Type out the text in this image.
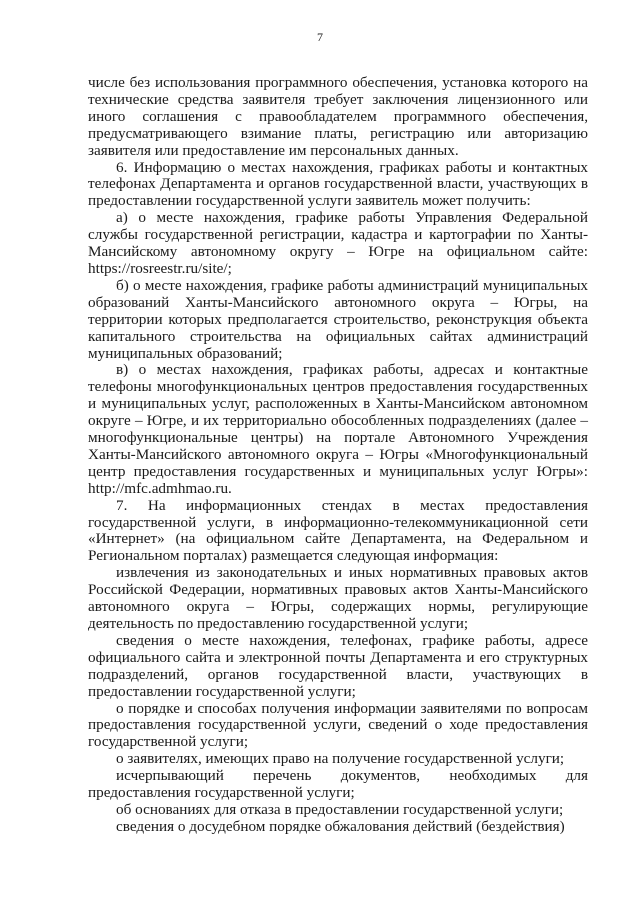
7

числе без использования программного обеспечения, установка которого на технические средства заявителя требует заключения лицензионного или иного соглашения с правообладателем программного обеспечения, предусматривающего взимание платы, регистрацию или авторизацию заявителя или предоставление им персональных данных.

6. Информацию о местах нахождения, графиках работы и контактных телефонах Департамента и органов государственной власти, участвующих в предоставлении государственной услуги заявитель может получить:

а) о месте нахождения, графике работы Управления Федеральной службы государственной регистрации, кадастра и картографии по Ханты-Мансийскому автономному округу – Югре на официальном сайте: https://rosreestr.ru/site/;

б) о месте нахождения, графике работы администраций муниципальных образований Ханты-Мансийского автономного округа – Югры, на территории которых предполагается строительство, реконструкция объекта капитального строительства на официальных сайтах администраций муниципальных образований;

в) о местах нахождения, графиках работы, адресах и контактные телефоны многофункциональных центров предоставления государственных и муниципальных услуг, расположенных в Ханты-Мансийском автономном округе – Югре, и их территориально обособленных подразделениях (далее – многофункциональные центры) на портале Автономного Учреждения Ханты-Мансийского автономного округа – Югры «Многофункциональный центр предоставления государственных и муниципальных услуг Югры»: http://mfc.admhmao.ru.

7. На информационных стендах в местах предоставления государственной услуги, в информационно-телекоммуникационной сети «Интернет» (на официальном сайте Департамента, на Федеральном и Региональном порталах) размещается следующая информация:

извлечения из законодательных и иных нормативных правовых актов Российской Федерации, нормативных правовых актов Ханты-Мансийского автономного округа – Югры, содержащих нормы, регулирующие деятельность по предоставлению государственной услуги;

сведения о месте нахождения, телефонах, графике работы, адресе официального сайта и электронной почты Департамента и его структурных подразделений, органов государственной власти, участвующих в предоставлении государственной услуги;

о порядке и способах получения информации заявителями по вопросам предоставления государственной услуги, сведений о ходе предоставления государственной услуги;

о заявителях, имеющих право на получение государственной услуги;

исчерпывающий перечень документов, необходимых для предоставления государственной услуги;

об основаниях для отказа в предоставлении государственной услуги;

сведения о досудебном порядке обжалования действий (бездействия)
